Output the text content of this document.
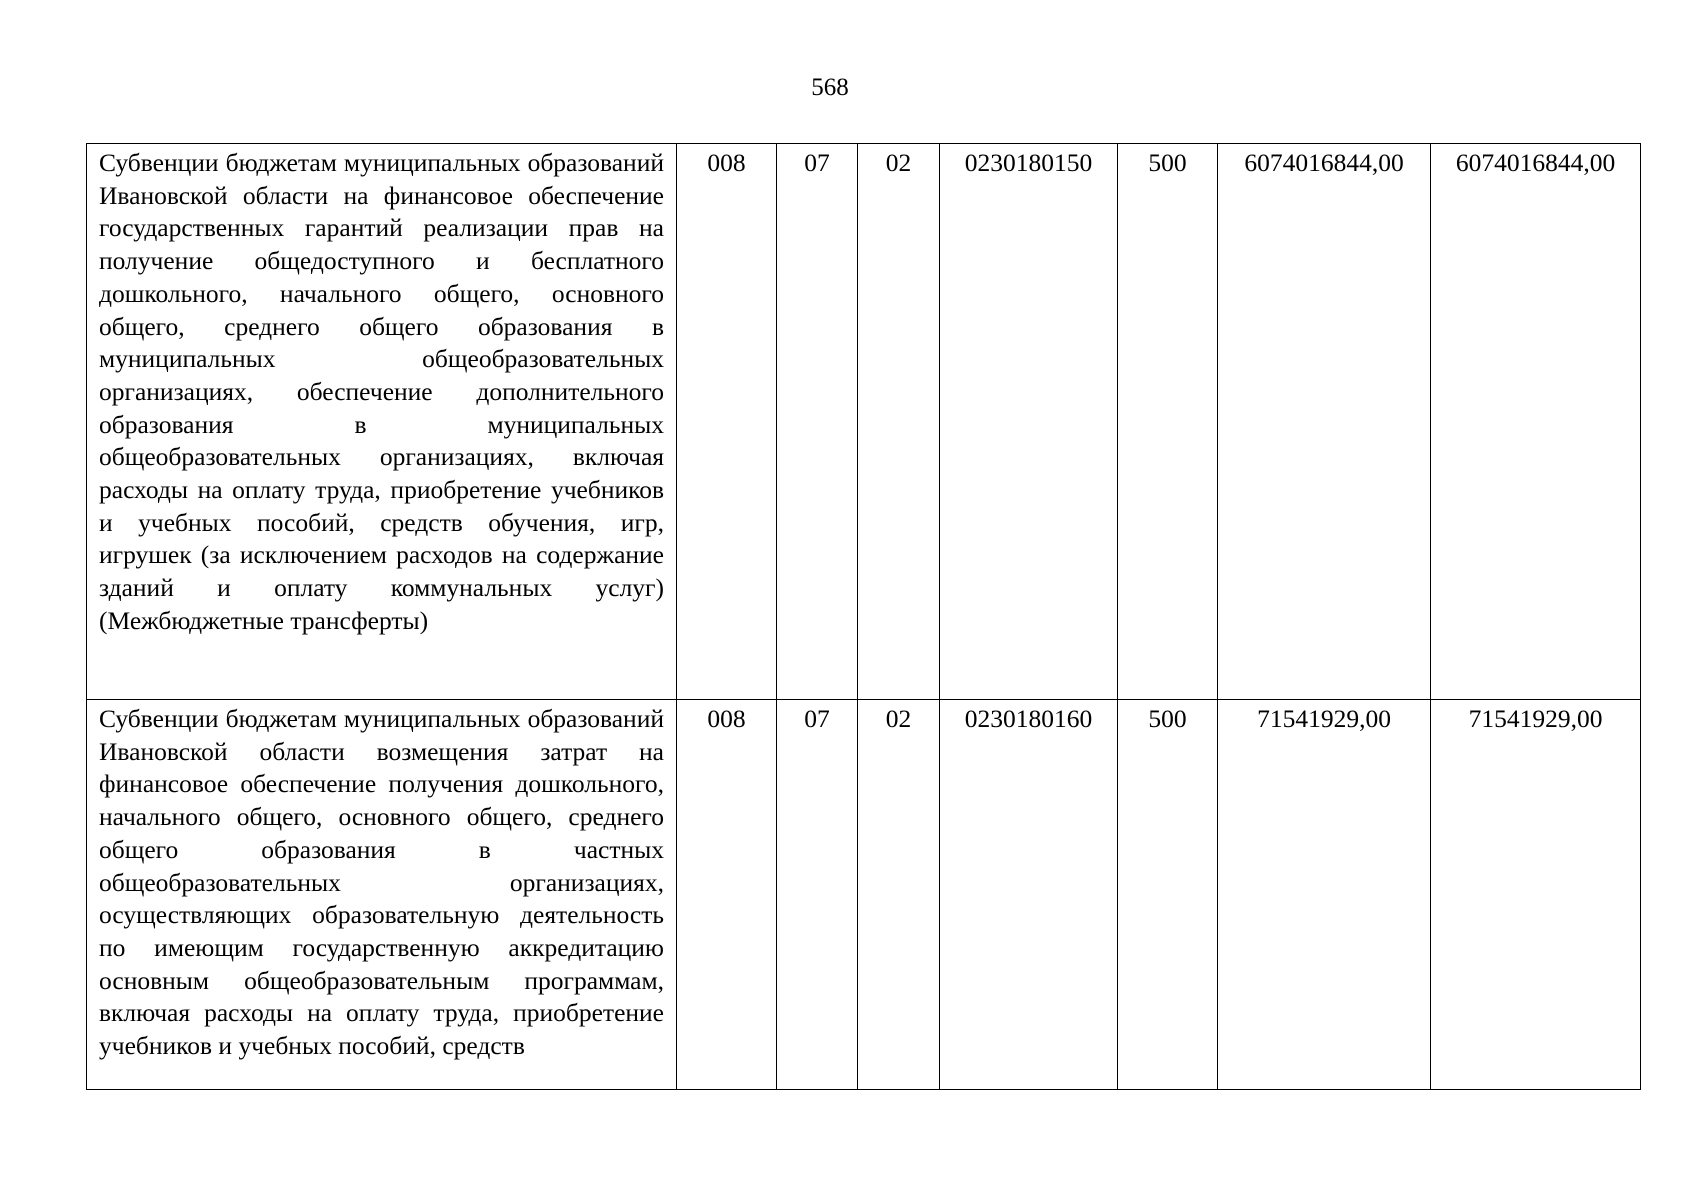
568
Субвенции бюджетам муниципальных образований Ивановской области на финансовое обеспечение государственных гарантий реализации прав на получение общедоступного и бесплатного дошкольного, начального общего, основного общего, среднего общего образования в муниципальных общеобразовательных организациях, обеспечение дополнительного образования в муниципальных общеобразовательных организациях, включая расходы на оплату труда, приобретение учебников и учебных пособий, средств обучения, игр, игрушек (за исключением расходов на содержание зданий и оплату коммунальных услуг) (Межбюджетные трансферты)	008	07	02	0230180150	500	6074016844,00	6074016844,00
Субвенции бюджетам муниципальных образований Ивановской области возмещения затрат на финансовое обеспечение получения дошкольного, начального общего, основного общего, среднего общего образования в частных общеобразовательных организациях, осуществляющих образовательную деятельность по имеющим государственную аккредитацию основным общеобразовательным программам, включая расходы на оплату труда, приобретение учебников и учебных пособий, средств	008	07	02	0230180160	500	71541929,00	71541929,00
